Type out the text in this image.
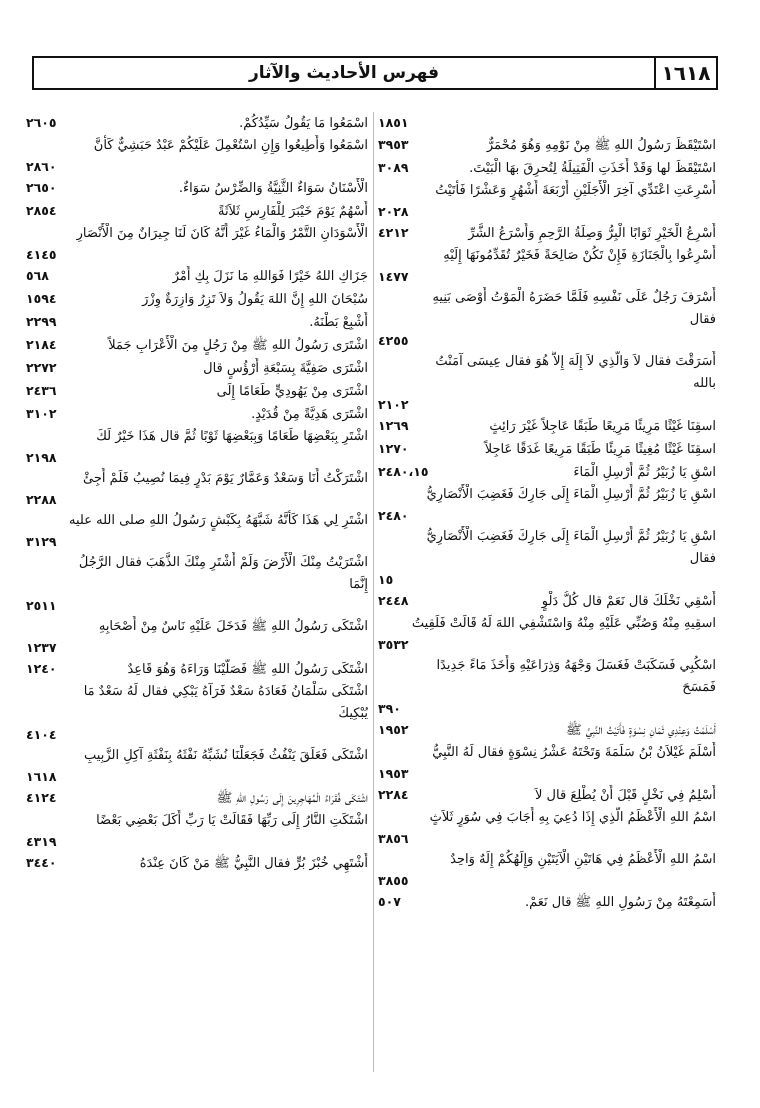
١٦١٨
فهرس الأحاديث والآثار
١٨٥١
اسْتَيْقَظَ رَسُولُ اللهِ ﷺ مِنْ نَوْمِهِ وَهُوَ مُحْمَرٌّ
٣٩٥٣
اسْتَيْقَظَ لها وَقَدْ أَخَذَتِ الْفَتِيلَةُ لِتُحرِقَ بهَا الْبَيْتَ.
٣٠٨٩
أَسْرِعَتِ اعْتَدِّي آخِرَ الْأَجَلَيْنِ أَرْبَعَةَ أَشْهُرٍ وَعَشْرًا فَأَتَيْتُ
٢٠٢٨
أَسْرِعُ الْخَيْرِ ثَوَابًا الْبِرُّ وَصِلَةُ الرَّحِمِ وَأَسْرَعُ الشَّرِّ
٤٢١٢
أَسْرِعُوا بِالْجَنَازَةِ فَإِنْ تَكُنْ صَالِحَةً فَخَيْرٌ تُقَدِّمُونَهَا إِلَيْهِ
١٤٧٧
أَسْرَفَ رَجُلٌ عَلَى نَفْسِهِ فَلَمَّا حَضَرَهُ الْمَوْتُ أَوْصَى بَنِيهِ
فقال
٤٢٥٥
أَسَرَقْتَ فقال لاَ وَالَّذِي لاَ إِلَهَ إِلاَّ هُوَ فقال عِيسَى آمَنْتُ
بالله
٢١٠٢
اسقِنَا غَيْثًا مَرِيئًا مَرِيعًا طَبَقًا عَاجِلاً غَيْرَ رَائِثٍ
١٢٦٩
اسقِنَا غَيْثًا مُغِيثًا مَرِيئًا طَبَقًا مَرِيعًا غَدَقًا عَاجِلاً
١٢٧٠
اسْقِ يَا زُبَيْرُ ثُمَّ أَرْسِلِ الْمَاءَ
٢٤٨٠،١٥
اسْقِ يَا زُبَيْرُ ثُمَّ أَرْسِلِ الْمَاءَ إِلَى جَارِكَ فَغَضِبَ الْأَنْصَارِيُّ
٢٤٨٠
اسْقِ يَا زُبَيْرُ ثُمَّ أَرْسِلِ الْمَاءَ إِلَى جَارِكَ فَغَضِبَ الْأَنْصَارِيُّ
فقال
١٥
أَسْقِي نَخْلَكَ قال نَعَمْ قال كُلُّ دَلْوٍ
٢٤٤٨
اسقِيهِ مِنْهُ وَصُبِّي عَلَيْهِ مِنْهُ وَاسْتَشْفِي اللهَ لَهُ قَالَتْ فَلَقِيتُ
٣٥٣٢
اسْكُبِي فَسَكَبَتْ فَغَسَلَ وَجْهَهُ وَذِرَاعَيْهِ وَأَخَذَ مَاءً جَدِيدًا
فَمَسَحَ
٣٩٠
أَسْلَمْتُ وَعِنْدِي ثَمَانِ نِسْوَةٍ فَأَتَيْتُ النَّبِيَّ ﷺ
١٩٥٢
أَسْلَمَ غَيْلاَنُ بْنُ سَلَمَةَ وَتَحْتَهُ عَشْرُ نِسْوَةٍ فقال لَهُ النَّبِيُّ
١٩٥٣
أَسْلِمُ فِي نَخْلٍ قَبْلَ أَنْ يُطْلِعَ قال لاَ
٢٢٨٤
اسْمُ اللهِ الْأَعْظَمُ الَّذِي إِذَا دُعِيَ بِهِ أَجَابَ فِي سُوَرٍ ثَلاَثٍ
٣٨٥٦
اسْمُ اللهِ الْأَعْظَمُ فِي هَاتَيْنِ الْآيَتَيْنِ وَإِلَهُكُمْ إِلَهٌ وَاحِدٌ
٣٨٥٥
أَسَمِعْتَهُ مِنْ رَسُولِ اللهِ ﷺ قال نَعَمْ.
٥٠٧
اسْمَعُوا مَا يَقُولُ سَيِّدُكُمْ.
٢٦٠٥
اسْمَعُوا وَأَطِيعُوا وَإِنِ اسْتُعْمِلَ عَلَيْكُمْ عَبْدٌ حَبَشِيٌّ كَأَنَّ
٢٨٦٠
الْأَسْنَانُ سَوَاءٌ الثَّنِيَّةُ وَالضِّرْسُ سَوَاءٌ.
٢٦٥٠
أَسْهُمٌ يَوْمَ خَيْبَرَ لِلْفَارِسِ ثَلاَثَةً
٢٨٥٤
الْأَسْوَدَانِ التَّمْرُ وَالْمَاءُ غَيْرَ أَنَّهُ كَانَ لَنَا جِيرَانٌ مِنَ الْأَنْصَارِ
٤١٤٥
جَزَاكِ اللهُ خَيْرًا فَوَاللهِ مَا نَزَلَ بِكِ أَمْرٌ
٥٦٨
سُبْحَانَ اللهِ إِنَّ اللهَ يَقُولُ وَلاَ تَزِرُ وَازِرَةٌ وِزْرَ
١٥٩٤
أَشْبِعْ بَطْنَهُ.
٢٢٩٩
اشْتَرَى رَسُولُ اللهِ ﷺ مِنْ رَجُلٍ مِنَ الْأَعْرَابِ جَمَلاً
٢١٨٤
اشْتَرَى صَفِيَّةَ بِسَبْعَةِ أَرْؤُسٍ قال
٢٢٧٢
اشْتَرَى مِنْ يَهُودِيٍّ طَعَامًا إِلَى
٢٤٣٦
اشْتَرَى هَدِيَّةً مِنْ قُدَيْدٍ.
٣١٠٢
اشْتَرِ بِبَعْضِهَا طَعَامًا وَبِبَعْضِهَا ثَوْبًا ثُمَّ قال هَذَا خَيْرٌ لَكَ
٢١٩٨
اشْتَرَكْتُ أَنَا وَسَعْدٌ وَعَمَّارٌ يَوْمَ بَدْرٍ فِيمَا نُصِيبُ فَلَمْ أَجِئْ
٢٢٨٨
اشْتَرِ لِي هَذَا كَأَنَّهُ شَبَّهَهُ بِكَبْشٍ رَسُولُ اللهِ صلى الله عليه
٣١٢٩
اشْتَرَيْتُ مِنْكَ الْأَرْضَ وَلَمْ أَشْتَرِ مِنْكَ الذَّهَبَ فقال الرَّجُلُ
إِنَّمَا
٢٥١١
اشْتَكَى رَسُولُ اللهِ ﷺ فَدَخَلَ عَلَيْهِ نَاسٌ مِنْ أَصْحَابِهِ
١٢٣٧
اشْتَكَى رَسُولُ اللهِ ﷺ فَصَلَّيْنَا وَرَاءَهُ وَهُوَ قَاعِدٌ
١٢٤٠
اشْتَكَى سَلْمَانُ فَعَادَهُ سَعْدٌ فَرَآهُ يَبْكِي فقال لَهُ سَعْدٌ مَا
يُبْكِيكَ
٤١٠٤
اشْتَكَى فَعَلَقَ يَنْفُثُ فَجَعَلْنَا نُشَبِّهُ نَفْثَهُ بِنَفْثَةِ آكِلِ الزَّبِيبِ
١٦١٨
اشْتَكَى فُقَرَاءُ الْمُهَاجِرِينَ إِلَى رَسُولِ اللهِ ﷺ
٤١٢٤
اشْتَكَتِ النَّارُ إِلَى رَبِّهَا فَقَالَتْ يَا رَبِّ أَكَلَ بَعْضِي بَعْضًا
٤٣١٩
أَشْتَهِي خُبْزَ بُرٍّ فقال النَّبِيُّ ﷺ مَنْ كَانَ عِنْدَهُ
٣٤٤٠
